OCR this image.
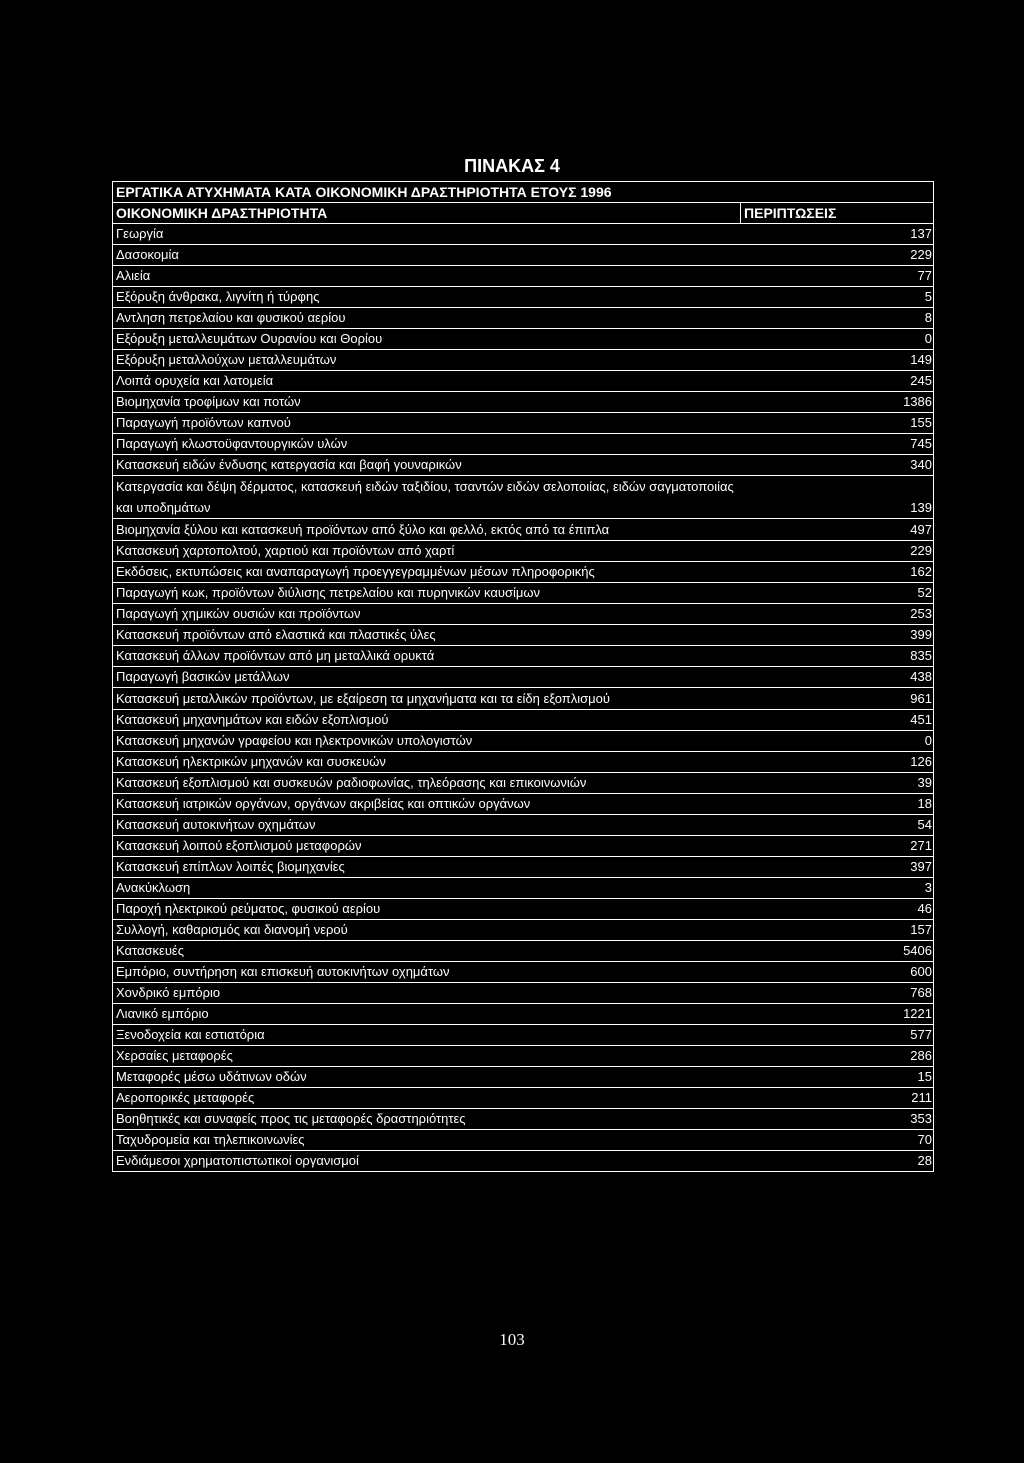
ΠΙΝΑΚΑΣ 4
ΕΡΓΑΤΙΚΑ ΑΤΥΧΗΜΑΤΑ ΚΑΤΑ ΟΙΚΟΝΟΜΙΚΗ ΔΡΑΣΤΗΡΙΟΤΗΤΑ ΕΤΟΥΣ 1996
ΟΙΚΟΝΟΜΙΚΗ ΔΡΑΣΤΗΡΙΟΤΗΤΑ	ΠΕΡΙΠΤΩΣΕΙΣ
Γεωργία	137
Δασοκομία	229
Αλιεία	77
Εξόρυξη άνθρακα, λιγνίτη ή τύρφης	5
Αντληση πετρελαίου και φυσικού αερίου	8
Εξόρυξη μεταλλευμάτων Ουρανίου και Θορίου	0
Εξόρυξη μεταλλούχων μεταλλευμάτων	149
Λοιπά ορυχεία και λατομεία	245
Βιομηχανία τροφίμων και ποτών	1386
Παραγωγή προϊόντων καπνού	155
Παραγωγή κλωστοϋφαντουργικών υλών	745
Κατασκευή ειδών ένδυσης κατεργασία και βαφή γουναρικών	340
Κατεργασία και δέψη δέρματος, κατασκευή ειδών ταξιδίου, τσαντών ειδών σελοποιίας, ειδών σαγματοποιίας και υποδημάτων	139
Βιομηχανία ξύλου και κατασκευή προϊόντων από ξύλο και φελλό, εκτός από τα έπιπλα	497
Κατασκευή χαρτοπολτού, χαρτιού και προϊόντων από χαρτί	229
Εκδόσεις, εκτυπώσεις και αναπαραγωγή προεγγεγραμμένων μέσων πληροφορικής	162
Παραγωγή κωκ, προϊόντων διύλισης πετρελαίου και πυρηνικών καυσίμων	52
Παραγωγή χημικών ουσιών και προϊόντων	253
Κατασκευή προϊόντων από ελαστικά και πλαστικές ύλες	399
Κατασκευή άλλων προϊόντων από μη μεταλλικά ορυκτά	835
Παραγωγή βασικών μετάλλων	438
Κατασκευή μεταλλικών προϊόντων, με εξαίρεση τα μηχανήματα και τα είδη εξοπλισμού	961
Κατασκευή μηχανημάτων και ειδών εξοπλισμού	451
Κατασκευή μηχανών γραφείου και ηλεκτρονικών υπολογιστών	0
Κατασκευή ηλεκτρικών μηχανών και συσκευών	126
Κατασκευή εξοπλισμού και συσκευών ραδιοφωνίας, τηλεόρασης και επικοινωνιών	39
Κατασκευή ιατρικών οργάνων, οργάνων ακριβείας και οπτικών οργάνων	18
Κατασκευή αυτοκινήτων οχημάτων	54
Κατασκευή λοιπού εξοπλισμού μεταφορών	271
Κατασκευή επίπλων λοιπές βιομηχανίες	397
Ανακύκλωση	3
Παροχή ηλεκτρικού ρεύματος, φυσικού αερίου	46
Συλλογή, καθαρισμός και διανομή νερού	157
Κατασκευές	5406
Εμπόριο, συντήρηση και επισκευή αυτοκινήτων οχημάτων	600
Χονδρικό εμπόριο	768
Λιανικό εμπόριο	1221
Ξενοδοχεία και εστιατόρια	577
Χερσαίες μεταφορές	286
Μεταφορές μέσω υδάτινων οδών	15
Αεροπορικές μεταφορές	211
Βοηθητικές και συναφείς προς τις μεταφορές δραστηριότητες	353
Ταχυδρομεία και τηλεπικοινωνίες	70
Ενδιάμεσοι χρηματοπιστωτικοί οργανισμοί	28
103
